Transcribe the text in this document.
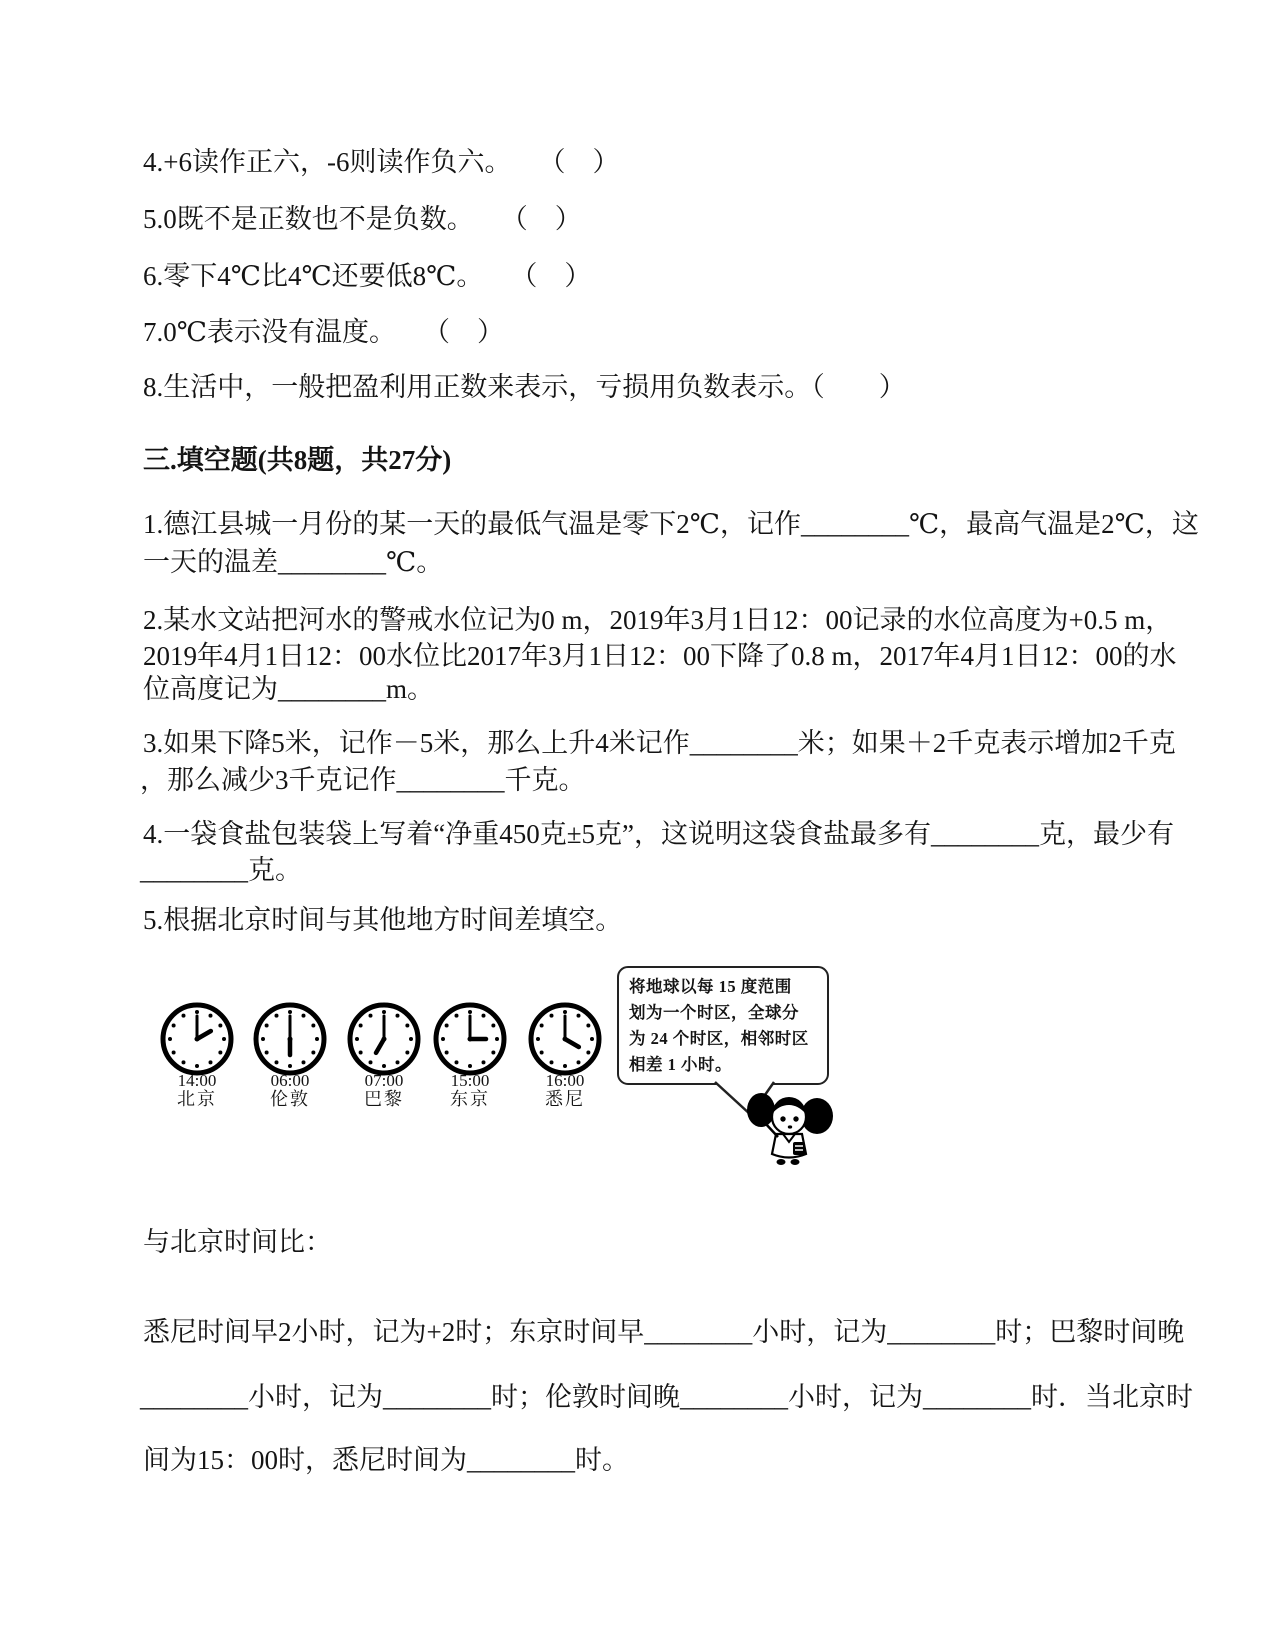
4.+6读作正六，-6则读作负六。　　（　）
5.0既不是正数也不是负数。　　（　）
6.零下4℃比4℃还要低8℃。　　（　）
7.0℃表示没有温度。　　（　）
8.生活中，一般把盈利用正数来表示，亏损用负数表示。（　　）
三.填空题(共8题，共27分)
1.德江县城一月份的某一天的最低气温是零下2℃，记作________℃，最高气温是2℃，这
一天的温差________℃。
2.某水文站把河水的警戒水位记为0 m，2019年3月1日12：00记录的水位高度为+0.5 m，
2019年4月1日12：00水位比2017年3月1日12：00下降了0.8 m，2017年4月1日12：00的水
位高度记为________m。
3.如果下降5米，记作－5米，那么上升4米记作________米；如果＋2千克表示增加2千克
，那么减少3千克记作________千克。
4.一袋食盐包装袋上写着“净重450克±5克”，这说明这袋食盐最多有________克，最少有
________克。
5.根据北京时间与其他地方时间差填空。
14:00	06:00	07:00	15:00	16:00
北京	伦敦	巴黎	东京	悉尼
将地球以每 15 度范围
划为一个时区，全球分
为 24 个时区，相邻时区
相差 1 小时。
与北京时间比：
悉尼时间早2小时，记为+2时；东京时间早________小时，记为________时；巴黎时间晚
________小时，记为________时；伦敦时间晚________小时，记为________时．当北京时
间为15：00时，悉尼时间为________时。
